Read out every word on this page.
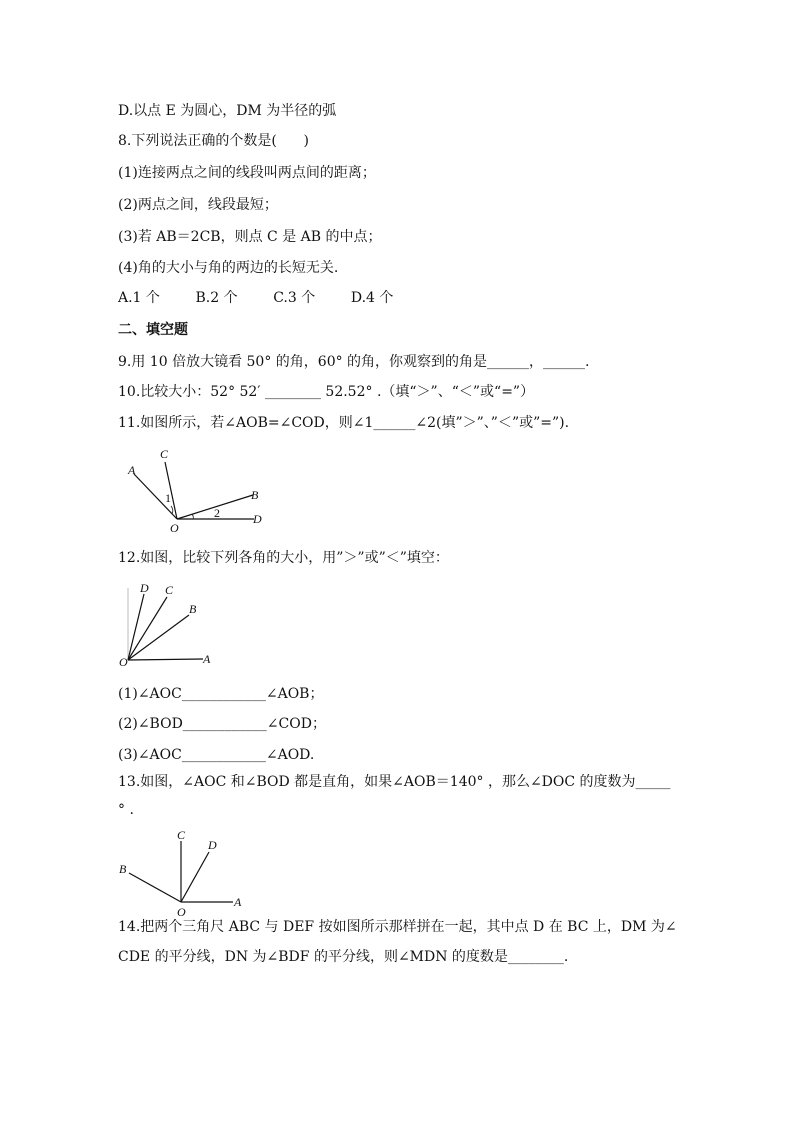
D.以点 E 为圆心，DM 为半径的弧
8.下列说法正确的个数是(      )
(1)连接两点之间的线段叫两点间的距离；
(2)两点之间，线段最短；
(3)若 AB＝2CB，则点 C 是 AB 的中点；
(4)角的大小与角的两边的长短无关.
A.1 个        B.2 个        C.3 个        D.4 个
二、填空题
9.用 10 倍放大镜看 50° 的角，60° 的角，你观察到的角是______，______.
10.比较大小：52° 52′ ________ 52.52° .（填“＞”、“＜”或“=”）
11.如图所示，若∠AOB=∠COD，则∠1______∠2(填”＞”、”＜”或”=”).
A
C
B
D
O
1
2
12.如图，比较下列各角的大小，用”＞”或”＜”填空：
D C
B
O	A
(1)∠AOC____________∠AOB；
(2)∠BOD____________∠COD；
(3)∠AOC____________∠AOD.
13.如图，∠AOC 和∠BOD 都是直角，如果∠AOB＝140° ，那么∠DOC 的度数为_____
° .
C
D
B
O
A
14.把两个三角尺 ABC 与 DEF 按如图所示那样拼在一起，其中点 D 在 BC 上，DM 为∠
CDE 的平分线，DN 为∠BDF 的平分线，则∠MDN 的度数是________.
